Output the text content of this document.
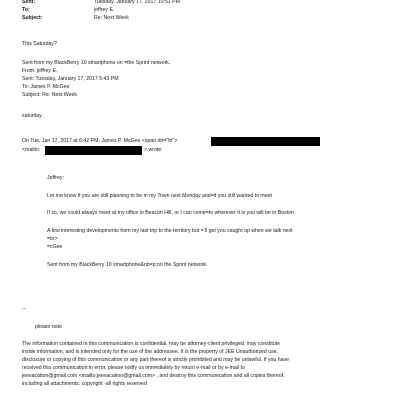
Sent:	Tuesday, January 17, 2017 10:51 PM
To:	jeffrey E.
Subject:	Re: Next Week
This Saturday?
Sent from my BlackBerry 10 smartphone on =the Sprint network.
From: jeffrey E.
Sent: Tuesday, January 17, 2017 5:43 PM
To: James P. McGee
Subject: Re: Next Week
saturday
On Tue, Jan 17, 2017 at 6:42 PM, James P. McGee <span dir="ltr">
<mailto:	> wrote:
Jeffrey:
Let me know if you are still planning to be in my Town next Monday and=if you still wanted to meet
If so, we could always meet at my office in Beacon Hill, or I can come=to wherever it is you will be in Boston
A few interesting developments from my last trip to the territory but =’ll get you caught up when we talk next
=br>
=cGee
Sent from my BlackBerry 10 smartphone&nb=p;on the Sprint network.
--
please note
The information contained in this communication is confidential, may be attorney-client privileged, may constitute
inside information, and is intended only for the use of the addressee. It is the property of JEE Unauthorized use,
disclosure or copying of this communication or any part thereof is strictly prohibited and may be unlawful. If you have
received this communication in error, please notify us immediately by return e-mail or by e-mail to
jeevacation@gmail.com <mailto:jeevacation@gmail.com> , and destroy this communication and all copies thereof,
including all attachments. copyright -all rights reserved
